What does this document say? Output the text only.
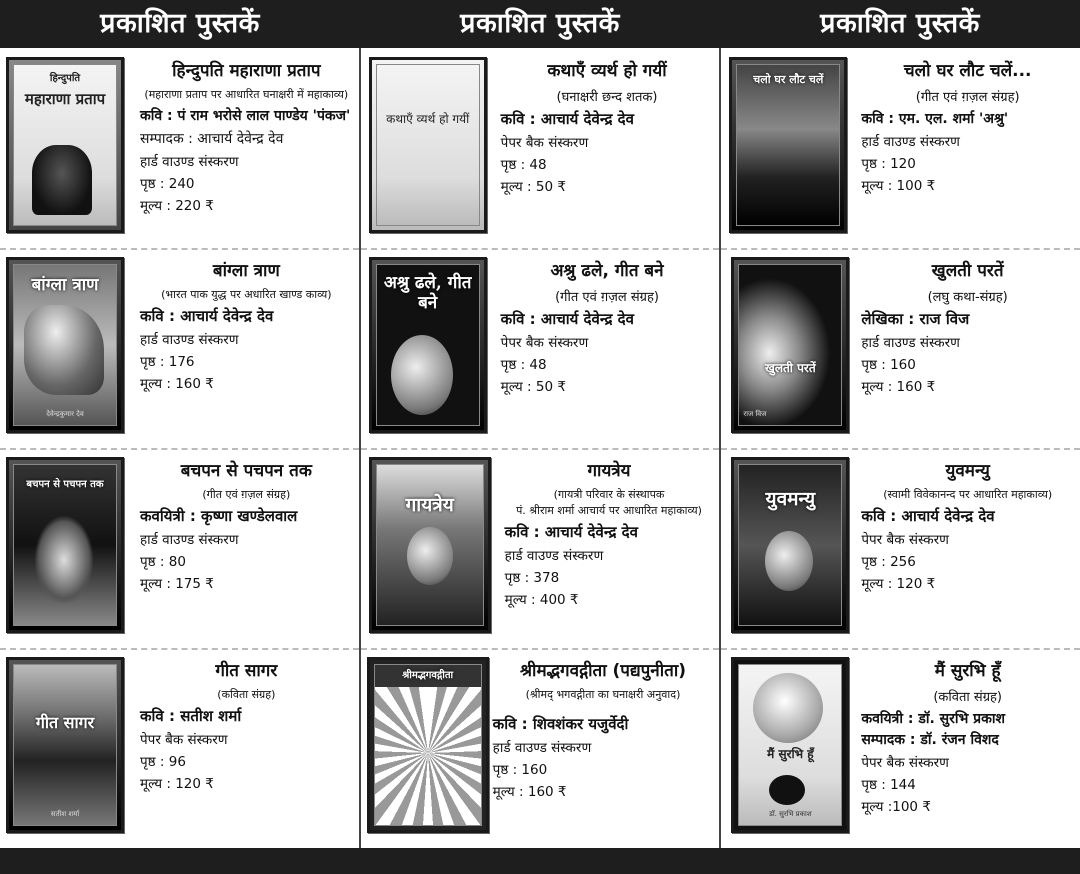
प्रकाशित पुस्तकें	प्रकाशित पुस्तकें	प्रकाशित पुस्तकें
हिन्दुपति
महाराणा प्रताप
हिन्दुपति महाराणा प्रताप
(महाराणा प्रताप पर आधारित घनाक्षरी में महाकाव्य)
कवि : पं राम भरोसे लाल पाण्डेय 'पंकज'
सम्पादक : आचार्य देवेन्द्र देव
हार्ड वाउण्ड संस्करण
पृष्ठ : 240
मूल्य : 220 ₹
बांग्ला त्राण
देवेन्द्रकुमार देव
बांग्ला त्राण
(भारत पाक युद्ध पर अधारित खाण्ड काव्य)
कवि : आचार्य देवेन्द्र देव
हार्ड वाउण्ड संस्करण
पृष्ठ : 176
मूल्य : 160 ₹
बचपन से पचपन तक
बचपन से पचपन तक
(गीत एवं ग़ज़ल संग्रह)
कवयित्री : कृष्णा खण्डेलवाल
हार्ड वाउण्ड संस्करण
पृष्ठ : 80
मूल्य : 175 ₹
गीत सागर
सतीश शर्मा
गीत सागर
(कविता संग्रह)
कवि : सतीश शर्मा
पेपर बैक संस्करण
पृष्ठ : 96
मूल्य : 120 ₹
कथाएँ व्यर्थ हो गयीं
कथाएँ व्यर्थ हो गयीं
(घनाक्षरी छन्द शतक)
कवि : आचार्य देवेन्द्र देव
पेपर बैक संस्करण
पृष्ठ : 48
मूल्य : 50 ₹
अश्रु ढले, गीत बने
अश्रु ढले, गीत बने
(गीत एवं ग़ज़ल संग्रह)
कवि : आचार्य देवेन्द्र देव
पेपर बैक संस्करण
पृष्ठ : 48
मूल्य : 50 ₹
गायत्रेय
गायत्रेय
(गायत्री परिवार के संस्थापक
पं. श्रीराम शर्मा आचार्य पर आधारित महाकाव्य)
कवि : आचार्य देवेन्द्र देव
हार्ड वाउण्ड संस्करण
पृष्ठ : 378
मूल्य : 400 ₹
श्रीमद्भगवद्गीता	श्रीमद्भगवद्गीता (पद्यपुनीता)
(श्रीमद् भगवद्गीता का घनाक्षरी अनुवाद)
कवि : शिवशंकर यजुर्वेदी
हार्ड वाउण्ड संस्करण
पृष्ठ : 160
मूल्य : 160 ₹
चलो घर लौट चलें	चलो घर लौट चलें...
(गीत एवं ग़ज़ल संग्रह)
कवि : एम. एल. शर्मा 'अश्रु'
हार्ड वाउण्ड संस्करण
पृष्ठ : 120
मूल्य : 100 ₹
खुलती परतें
राज विज
खुलती परतें
(लघु कथा-संग्रह)
लेखिका : राज विज
हार्ड वाउण्ड संस्करण
पृष्ठ : 160
मूल्य : 160 ₹
युवमन्यु
युवमन्यु
(स्वामी विवेकानन्द पर आधारित महाकाव्य)
कवि : आचार्य देवेन्द्र देव
पेपर बैक संस्करण
पृष्ठ : 256
मूल्य : 120 ₹
मैं सुरभि हूँ
डॉ. सुरभि प्रकाश
मैं सुरभि हूँ
(कविता संग्रह)
कवयित्री : डॉ. सुरभि प्रकाश
सम्पादक : डॉ. रंजन विशद
पेपर बैक संस्करण
पृष्ठ : 144
मूल्य :100 ₹
